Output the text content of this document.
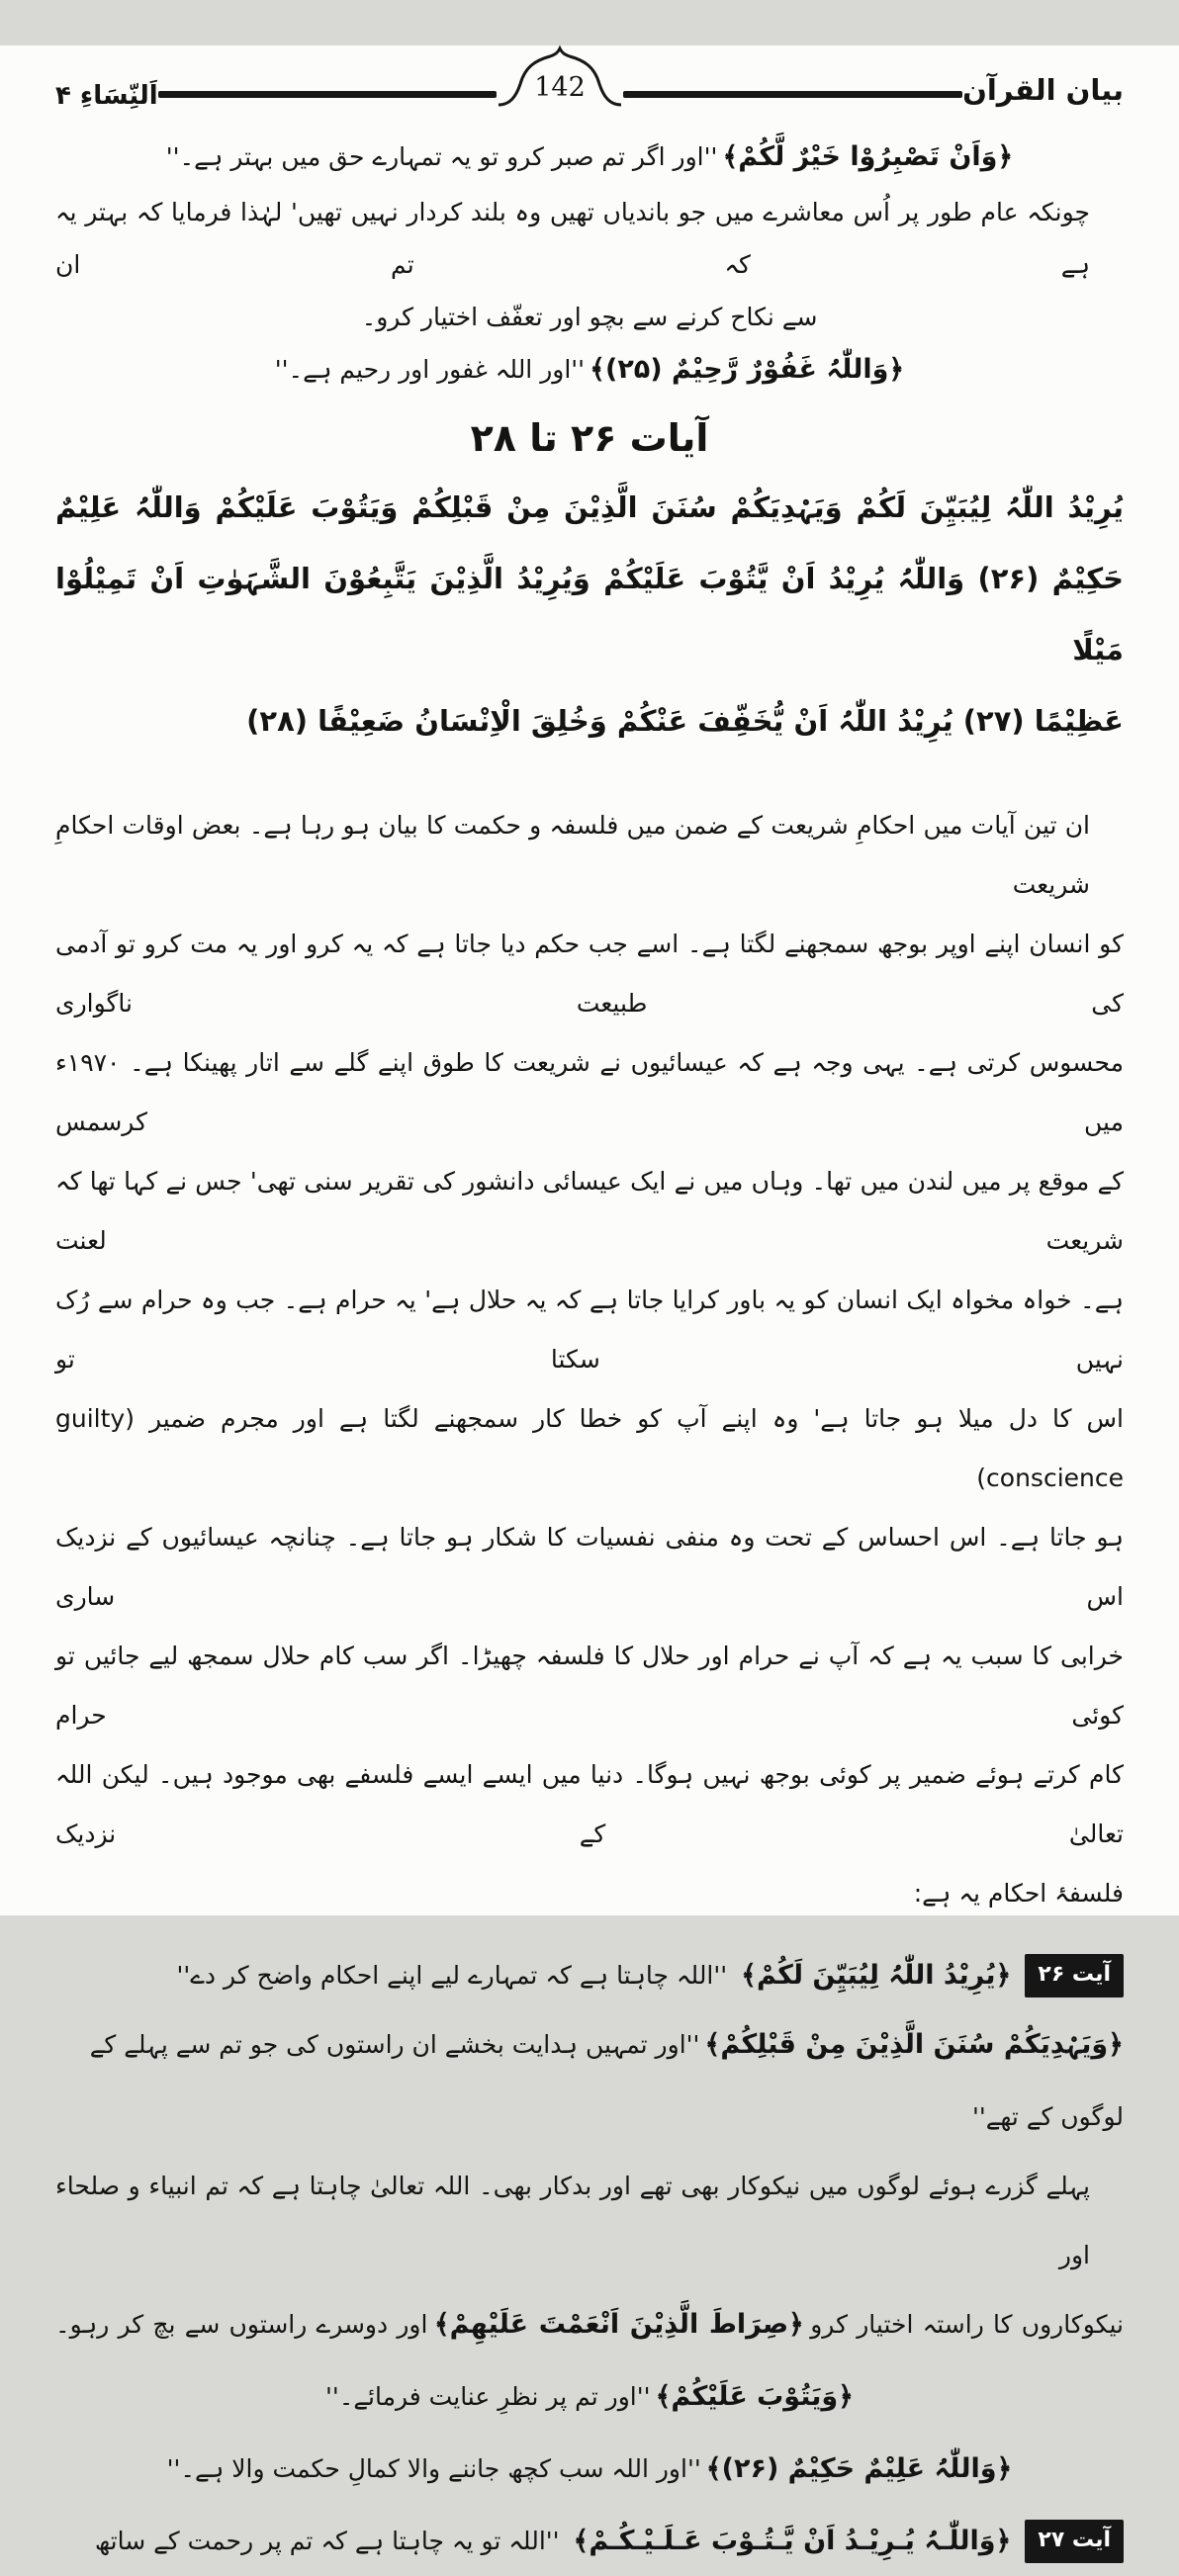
بیان القرآن
142
اَلنِّسَاءِ ۴
﴿وَاَنْ تَصْبِرُوْا خَیْرٌ لَّکُمْ﴾ ''اور اگر تم صبر کرو تو یہ تمہارے حق میں بہتر ہے۔''
چونکہ عام طور پر اُس معاشرے میں جو باندیاں تھیں وہ بلند کردار نہیں تھیں' لہٰذا فرمایا کہ بہتر یہ ہے کہ تم ان
سے نکاح کرنے سے بچو اور تعفّف اختیار کرو۔
﴿وَاللّٰہُ غَفُوْرٌ رَّحِیْمٌ (۲۵)﴾ ''اور اللہ غفور اور رحیم ہے۔''
آیات ۲۶ تا ۲۸
یُرِیْدُ اللّٰہُ لِیُبَیِّنَ لَکُمْ وَیَہْدِیَکُمْ سُنَنَ الَّذِیْنَ مِنْ قَبْلِکُمْ وَیَتُوْبَ عَلَیْکُمْ وَاللّٰہُ عَلِیْمٌ
حَکِیْمٌ (۲۶) وَاللّٰہُ یُرِیْدُ اَنْ یَّتُوْبَ عَلَیْکُمْ وَیُرِیْدُ الَّذِیْنَ یَتَّبِعُوْنَ الشَّہَوٰتِ اَنْ تَمِیْلُوْا مَیْلًا
عَظِیْمًا (۲۷) یُرِیْدُ اللّٰہُ اَنْ یُّخَفِّفَ عَنْکُمْ وَخُلِقَ الْاِنْسَانُ ضَعِیْفًا (۲۸)
ان تین آیات میں احکامِ شریعت کے ضمن میں فلسفہ و حکمت کا بیان ہو رہا ہے۔ بعض اوقات احکامِ شریعت
کو انسان اپنے اوپر بوجھ سمجھنے لگتا ہے۔ اسے جب حکم دیا جاتا ہے کہ یہ کرو اور یہ مت کرو تو آدمی کی طبیعت ناگواری
محسوس کرتی ہے۔ یہی وجہ ہے کہ عیسائیوں نے شریعت کا طوق اپنے گلے سے اتار پھینکا ہے۔ ۱۹۷۰ء میں کرسمس
کے موقع پر میں لندن میں تھا۔ وہاں میں نے ایک عیسائی دانشور کی تقریر سنی تھی' جس نے کہا تھا کہ شریعت لعنت
ہے۔ خواہ مخواہ ایک انسان کو یہ باور کرایا جاتا ہے کہ یہ حلال ہے' یہ حرام ہے۔ جب وہ حرام سے رُک نہیں سکتا تو
اس کا دل میلا ہو جاتا ہے' وہ اپنے آپ کو خطا کار سمجھنے لگتا ہے اور مجرم ضمیر (guilty conscience)
ہو جاتا ہے۔ اس احساس کے تحت وہ منفی نفسیات کا شکار ہو جاتا ہے۔ چنانچہ عیسائیوں کے نزدیک اس ساری
خرابی کا سبب یہ ہے کہ آپ نے حرام اور حلال کا فلسفہ چھیڑا۔ اگر سب کام حلال سمجھ لیے جائیں تو کوئی حرام
کام کرتے ہوئے ضمیر پر کوئی بوجھ نہیں ہوگا۔ دنیا میں ایسے ایسے فلسفے بھی موجود ہیں۔ لیکن اللہ تعالیٰ کے نزدیک
فلسفۂ احکام یہ ہے:
آیت ۲۶
﴿یُرِیْدُ اللّٰہُ لِیُبَیِّنَ لَکُمْ﴾
''اللہ چاہتا ہے کہ تمہارے لیے اپنے احکام واضح کر دے''
﴿وَیَہْدِیَکُمْ سُنَنَ الَّذِیْنَ مِنْ قَبْلِکُمْ﴾ ''اور تمہیں ہدایت بخشے ان راستوں کی جو تم سے پہلے کے
لوگوں کے تھے''
پہلے گزرے ہوئے لوگوں میں نیکوکار بھی تھے اور بدکار بھی۔ اللہ تعالیٰ چاہتا ہے کہ تم انبیاء و صلحاء اور
نیکوکاروں کا راستہ اختیار کرو ﴿صِرَاطَ الَّذِیْنَ اَنْعَمْتَ عَلَیْھِمْ﴾ اور دوسرے راستوں سے بچ کر رہو۔
﴿وَیَتُوْبَ عَلَیْکُمْ﴾ ''اور تم پر نظرِ عنایت فرمائے۔''
﴿وَاللّٰہُ عَلِیْمٌ حَکِیْمٌ (۲۶)﴾ ''اور اللہ سب کچھ جاننے والا کمالِ حکمت والا ہے۔''
آیت ۲۷
﴿وَاللّٰـہُ یُـرِیْـدُ اَنْ یَّـتُـوْبَ عَـلَـیْـکُـمْ﴾
''اللہ تو یہ چاہتا ہے کہ تم پر رحمت کے ساتھ
